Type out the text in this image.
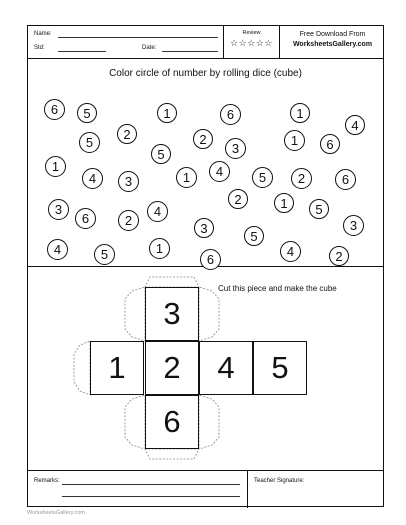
Name:
Std:	Date:
Review
☆☆☆☆☆
Free Download From
WorksheetsGallery.com
Color circle of number by rolling dice (cube)
6	5	1	6	1
5
2	2
3
1	6
4
1
5
4	3	1	4	5	2	6
3
6	2
4
2	1	5
3	3
5
4	5	1
6
4	2
Cut this piece and make the cube
3
1	2	4	5
6
Remarks:	Teacher Signature:
WorksheetsGallery.com
